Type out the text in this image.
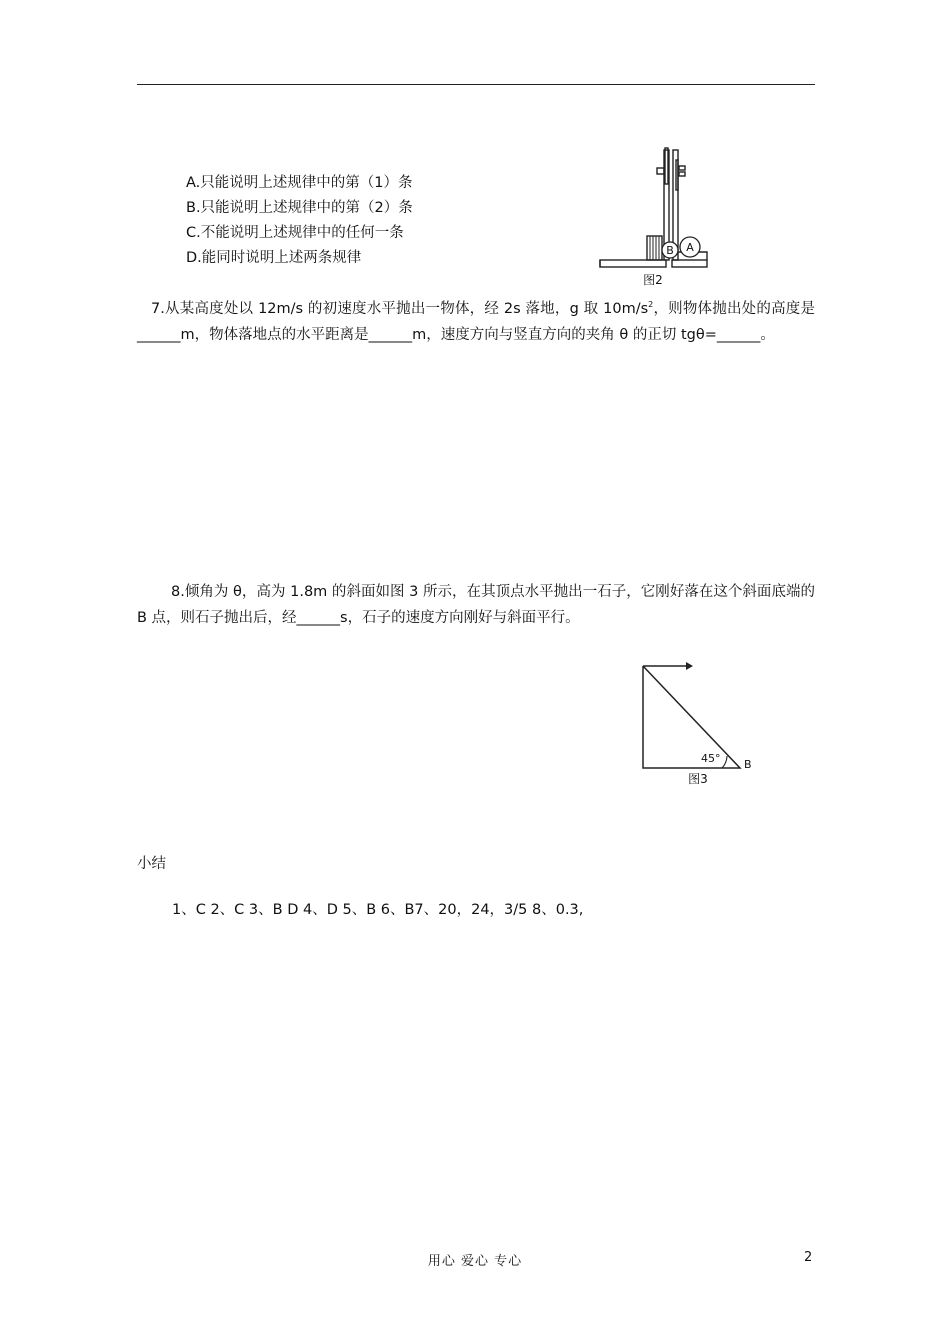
A.只能说明上述规律中的第（1）条
B.只能说明上述规律中的第（2）条
C.不能说明上述规律中的任何一条
D.能同时说明上述两条规律	B A
图2
7.从某高度处以 12m/s 的初速度水平抛出一物体，经 2s 落地，g 取 $10m/s^2$，则物体抛出处的高度是______m，物体落地点的水平距离是______m，速度方向与竖直方向的夹角 θ 的正切 tgθ=______。
8.倾角为 θ，高为 1.8m 的斜面如图 3 所示，在其顶点水平抛出一石子，它刚好落在这个斜面底端的 B 点，则石子抛出后，经______s，石子的速度方向刚好与斜面平行。
45° B
图3
小结
1、C 2、C 3、B D 4、D 5、B 6、B7、20，24，3/5 8、0.3,
用心 爱心 专心	2
